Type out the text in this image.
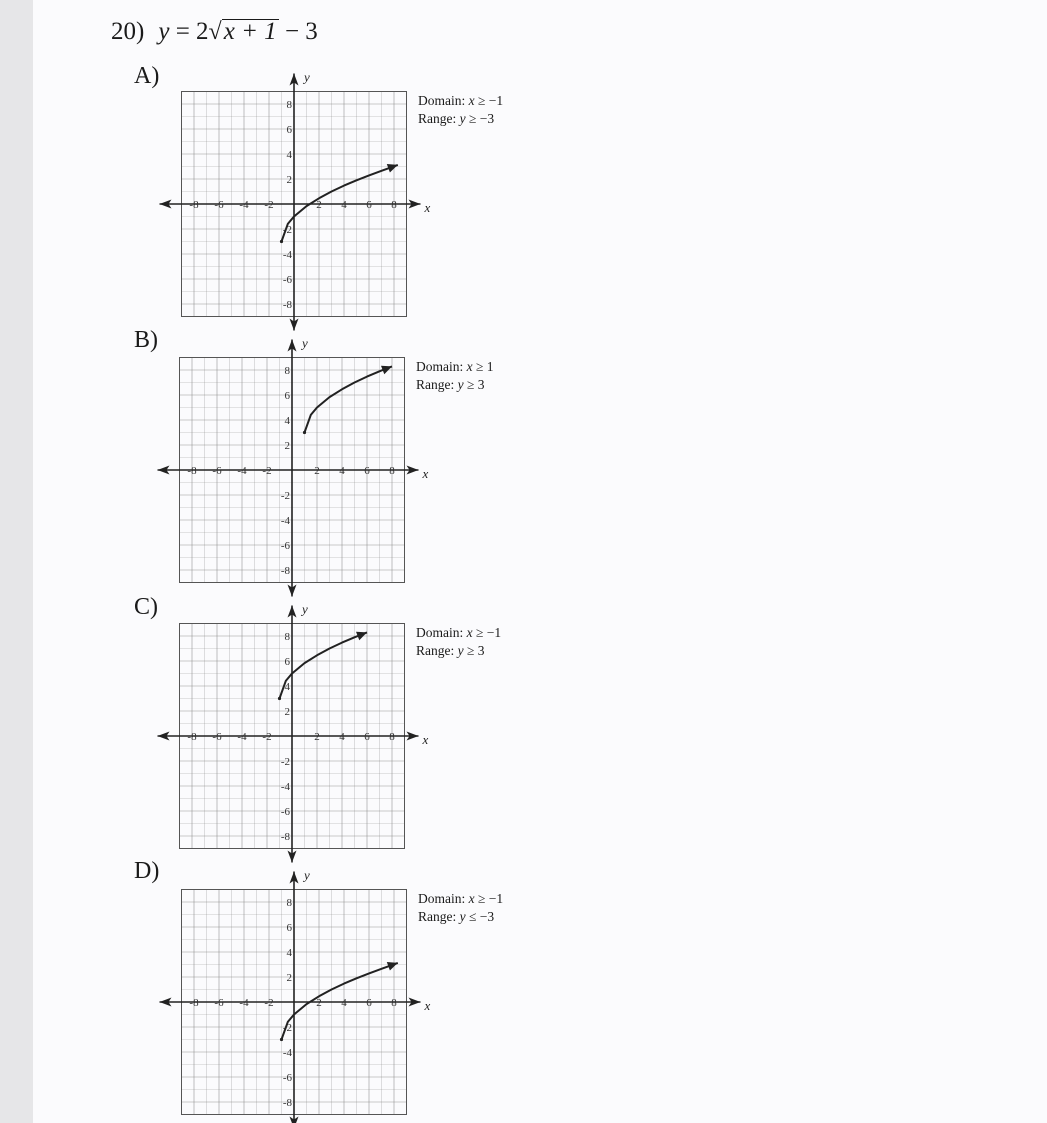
20) y = 2√x + 1 − 3
A)
B)
C)
D)
Domain: x ≥ −1
Range: y ≥ −3
Domain: x ≥ 1
Range: y ≥ 3
Domain: x ≥ −1
Range: y ≥ 3
Domain: x ≥ −1
Range: y ≤ −3
-8 -6 -4 -2	2 4 6 8
-8
-6
-4
-2
2
4
6
8
x
y
-8 -6 -4 -2	2 4 6 8
-8
-6
-4
-2
2
4
6
8
x
y
-8 -6 -4 -2	2 4 6 8
-8
-6
-4
-2
2
4
6
8
x
y
-8 -6 -4 -2	2 4 6 8
-8
-6
-4
-2
2
4
6
8
x
y
